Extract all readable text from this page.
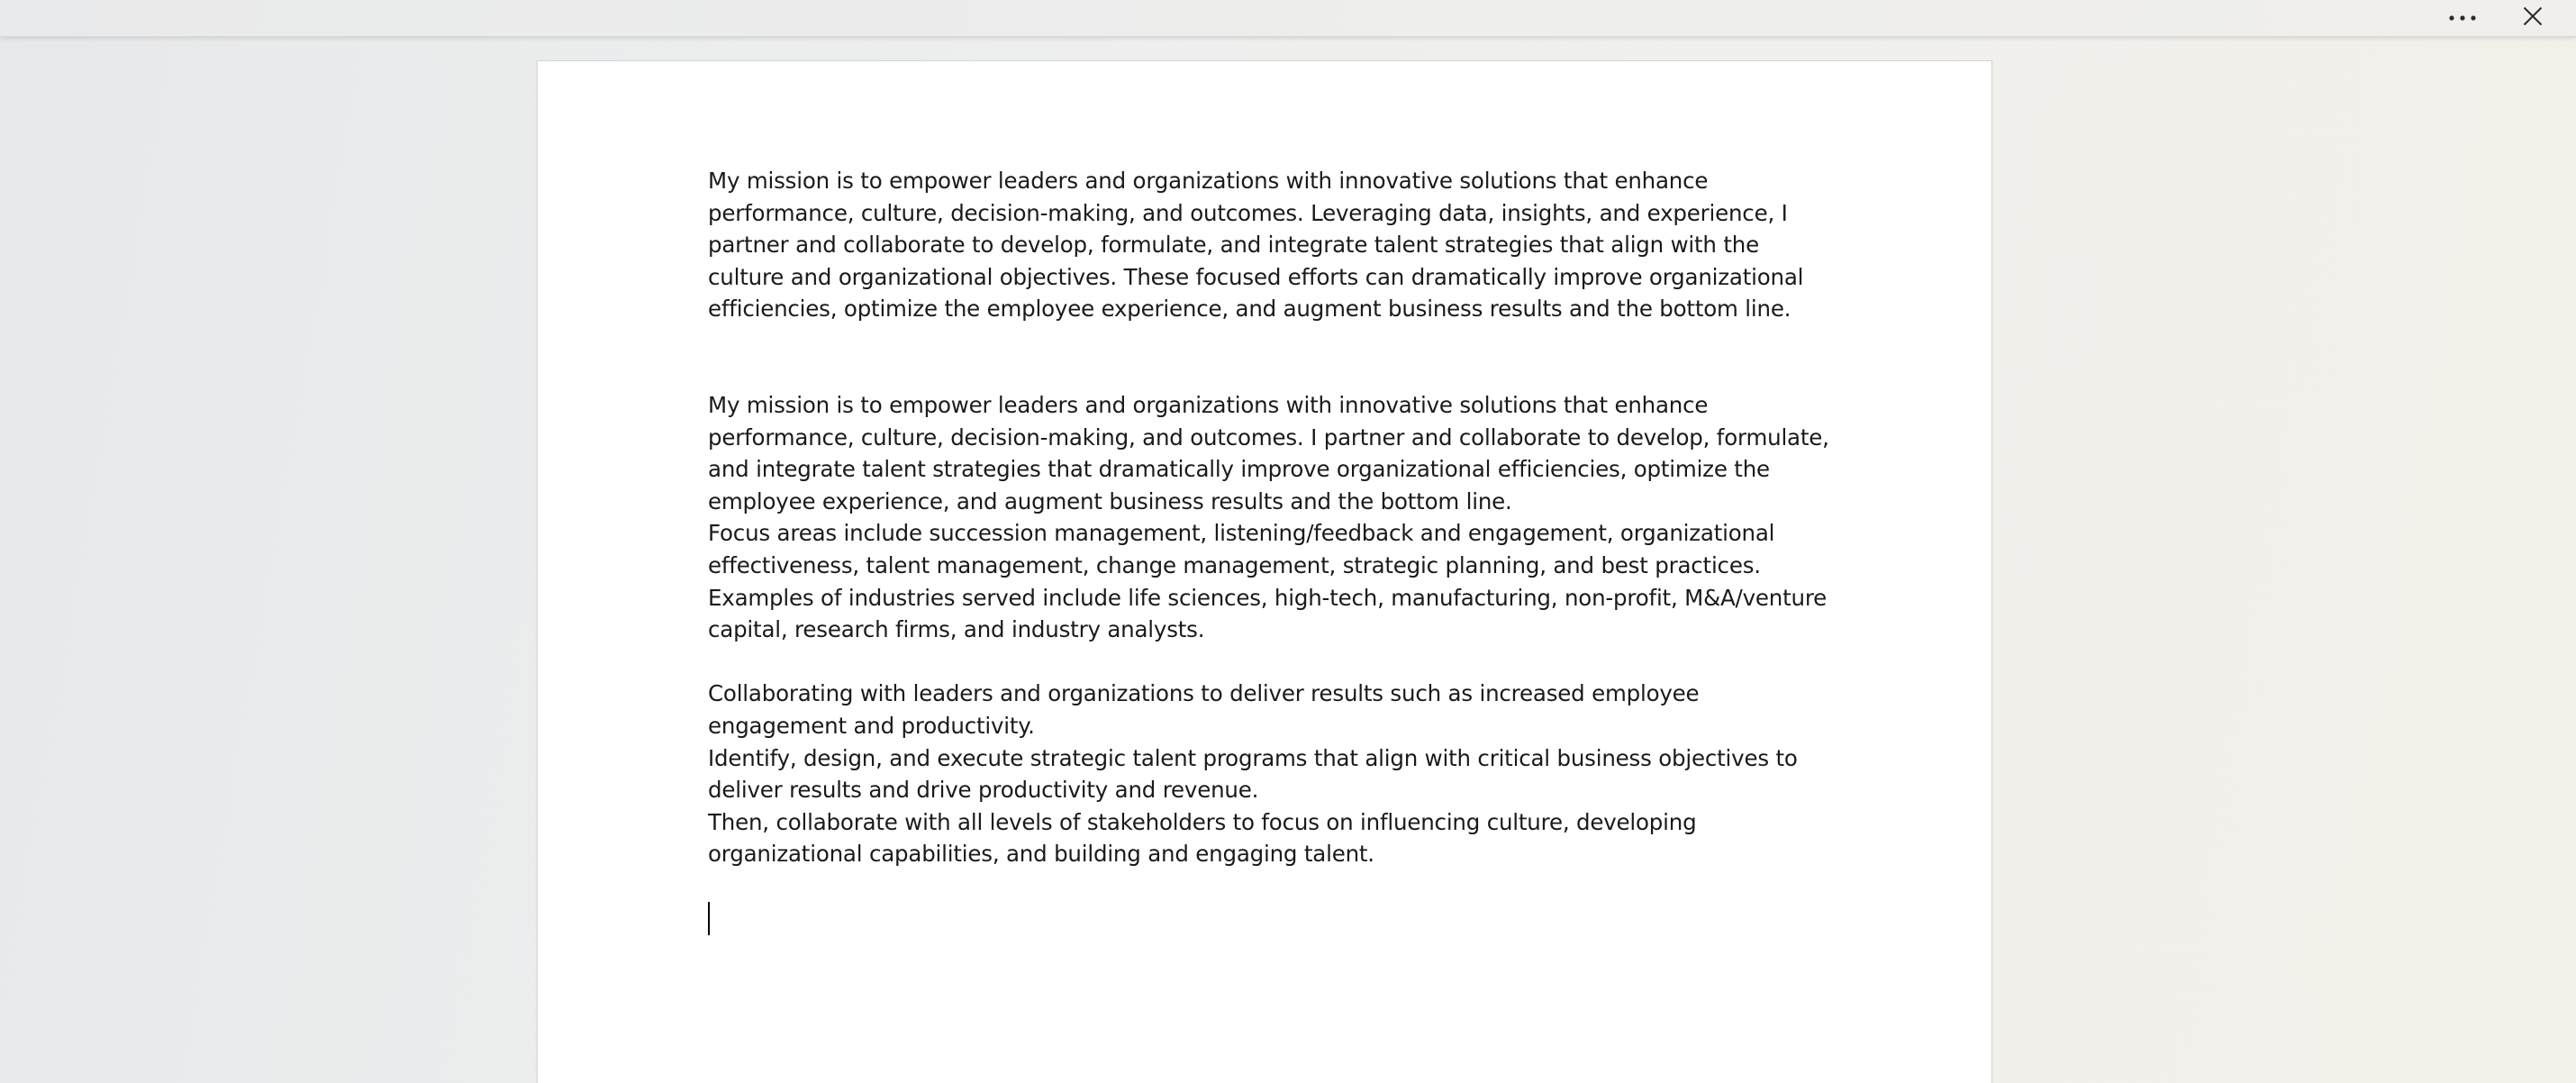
My mission is to empower leaders and organizations with innovative solutions that enhance performance, culture, decision-making, and outcomes. Leveraging data, insights, and experience, I partner and collaborate to develop, formulate, and integrate talent strategies that align with the culture and organizational objectives. These focused efforts can dramatically improve organizational efficiencies, optimize the employee experience, and augment business results and the bottom line.

My mission is to empower leaders and organizations with innovative solutions that enhance performance, culture, decision-making, and outcomes. I partner and collaborate to develop, formulate, and integrate talent strategies that dramatically improve organizational efficiencies, optimize the employee experience, and augment business results and the bottom line.

Focus areas include succession management, listening/feedback and engagement, organizational effectiveness, talent management, change management, strategic planning, and best practices.

Examples of industries served include life sciences, high-tech, manufacturing, non-profit, M&A/venture capital, research firms, and industry analysts.

Collaborating with leaders and organizations to deliver results such as increased employee engagement and productivity.

Identify, design, and execute strategic talent programs that align with critical business objectives to deliver results and drive productivity and revenue.

Then, collaborate with all levels of stakeholders to focus on influencing culture, developing organizational capabilities, and building and engaging talent.
